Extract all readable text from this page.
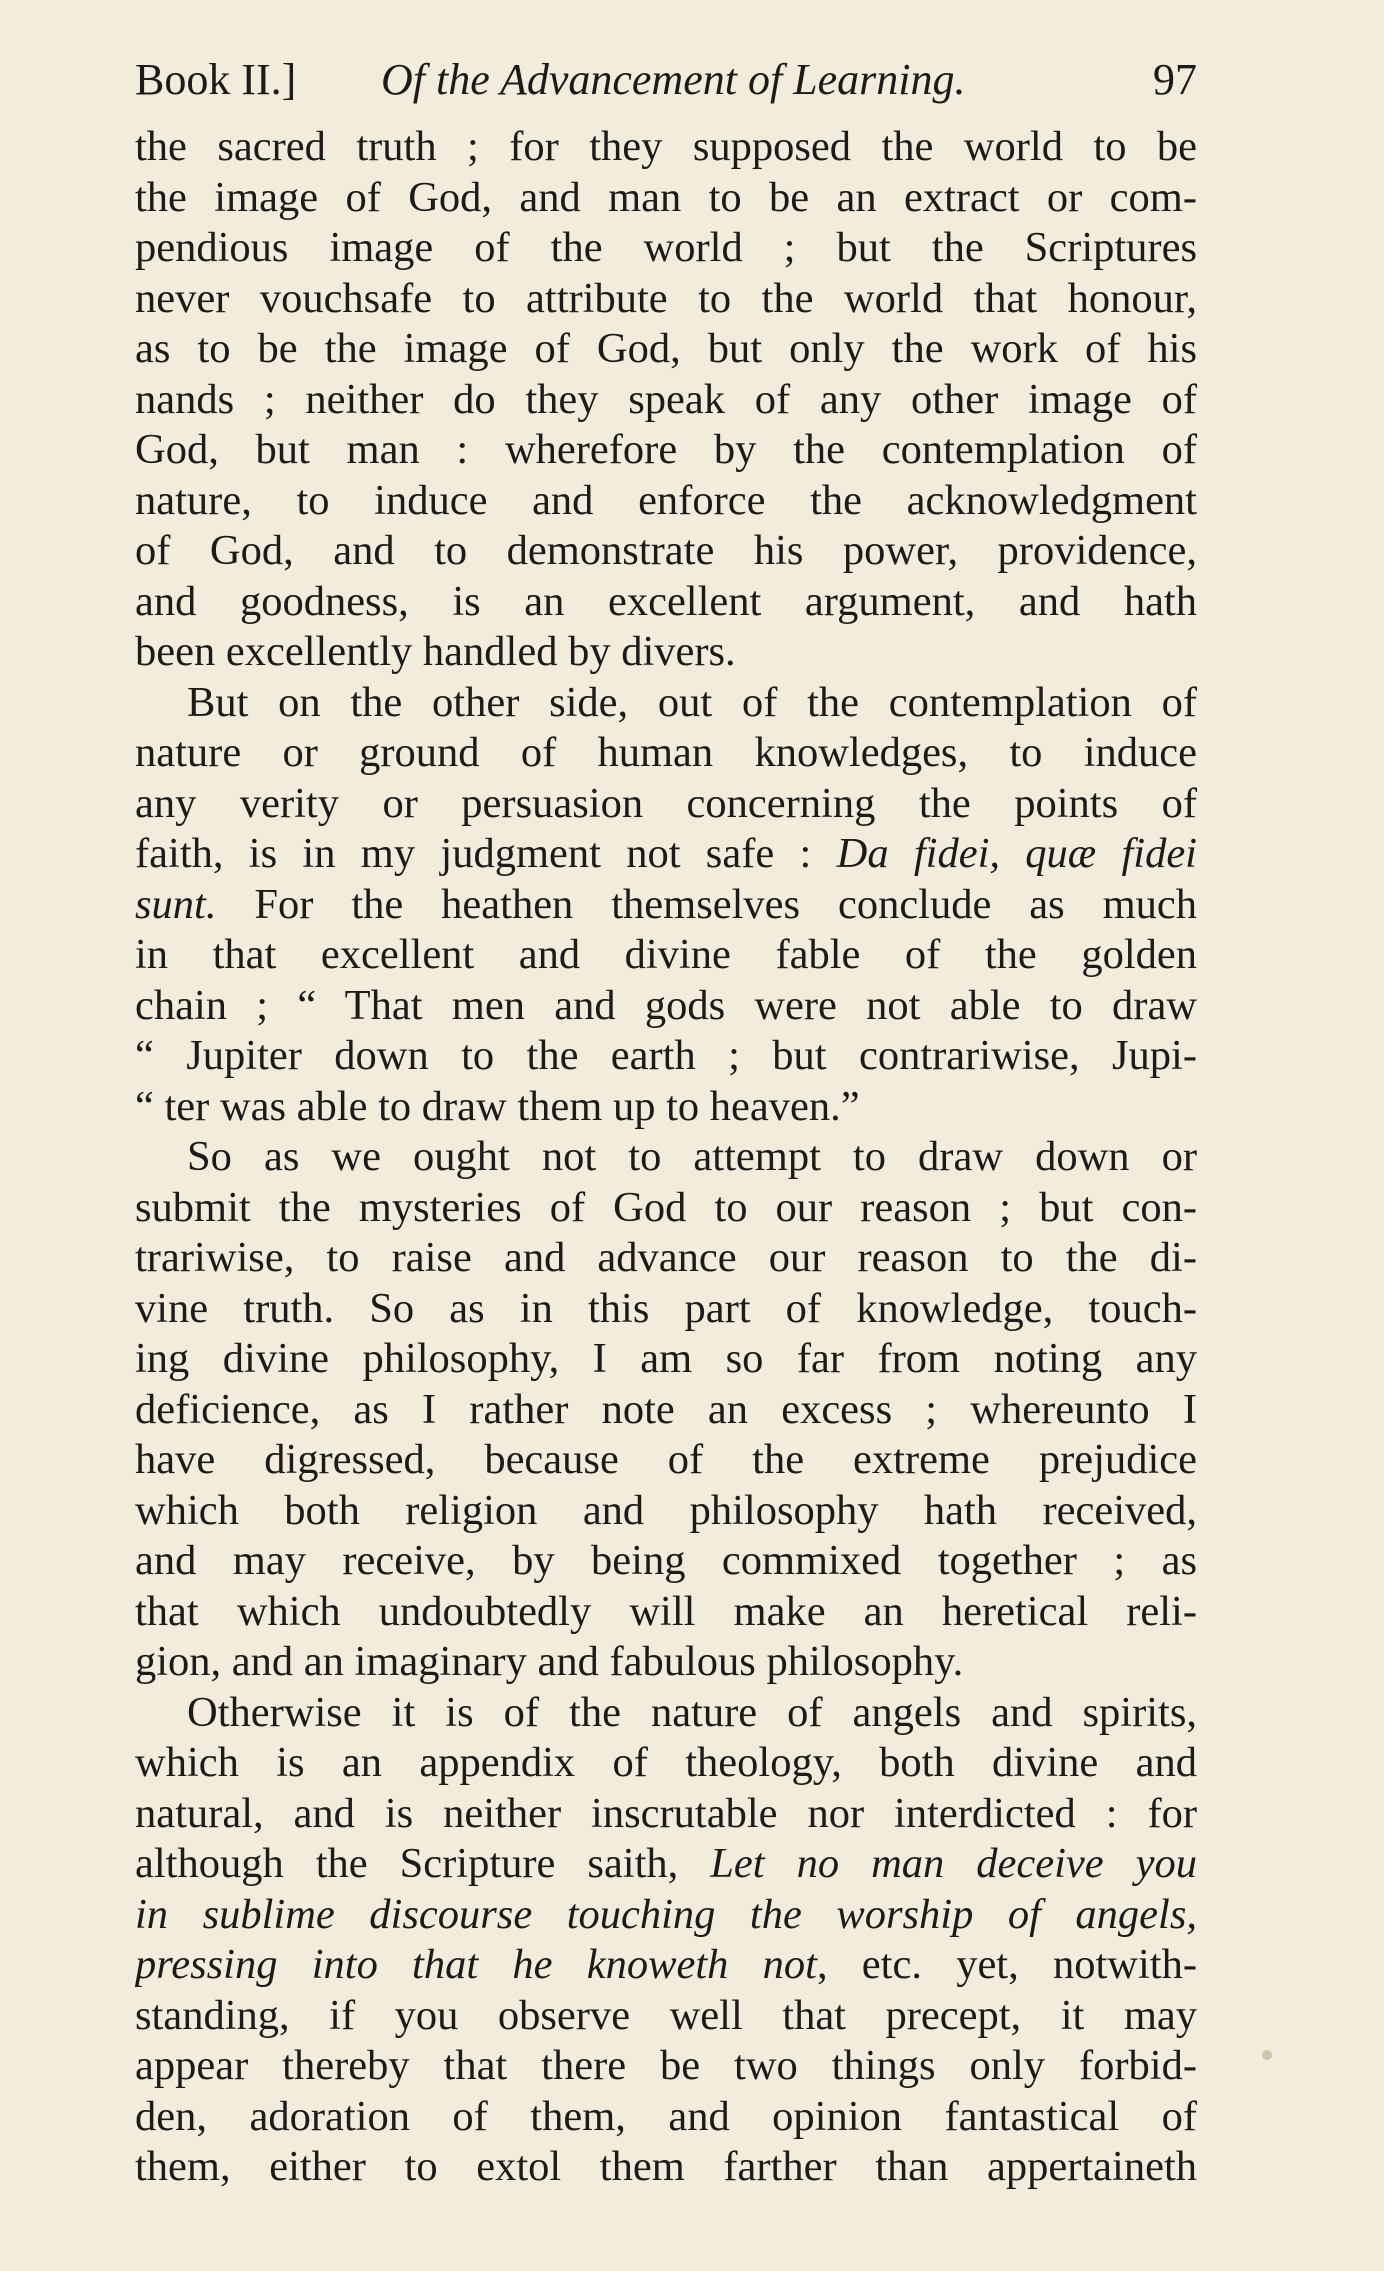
Book II.] Of the Advancement of Learning.	97
the sacred truth ; for they supposed the world to be
the image of God, and man to be an extract or com-
pendious image of the world ; but the Scriptures
never vouchsafe to attribute to the world that honour,
as to be the image of God, but only the work of his
nands ; neither do they speak of any other image of
God, but man : wherefore by the contemplation of
nature, to induce and enforce the acknowledgment
of God, and to demonstrate his power, providence,
and goodness, is an excellent argument, and hath
been excellently handled by divers.
But on the other side, out of the contemplation of
nature or ground of human knowledges, to induce
any verity or persuasion concerning the points of
faith, is in my judgment not safe : Da fidei, quæ fidei
sunt. For the heathen themselves conclude as much
in that excellent and divine fable of the golden
chain ; “ That men and gods were not able to draw
“ Jupiter down to the earth ; but contrariwise, Jupi-
“ ter was able to draw them up to heaven.”
So as we ought not to attempt to draw down or
submit the mysteries of God to our reason ; but con-
trariwise, to raise and advance our reason to the di-
vine truth. So as in this part of knowledge, touch-
ing divine philosophy, I am so far from noting any
deficience, as I rather note an excess ; whereunto I
have digressed, because of the extreme prejudice
which both religion and philosophy hath received,
and may receive, by being commixed together ; as
that which undoubtedly will make an heretical reli-
gion, and an imaginary and fabulous philosophy.
Otherwise it is of the nature of angels and spirits,
which is an appendix of theology, both divine and
natural, and is neither inscrutable nor interdicted : for
although the Scripture saith, Let no man deceive you
in sublime discourse touching the worship of angels,
pressing into that he knoweth not, etc. yet, notwith-
standing, if you observe well that precept, it may
appear thereby that there be two things only forbid-
den, adoration of them, and opinion fantastical of
them, either to extol them farther than appertaineth
